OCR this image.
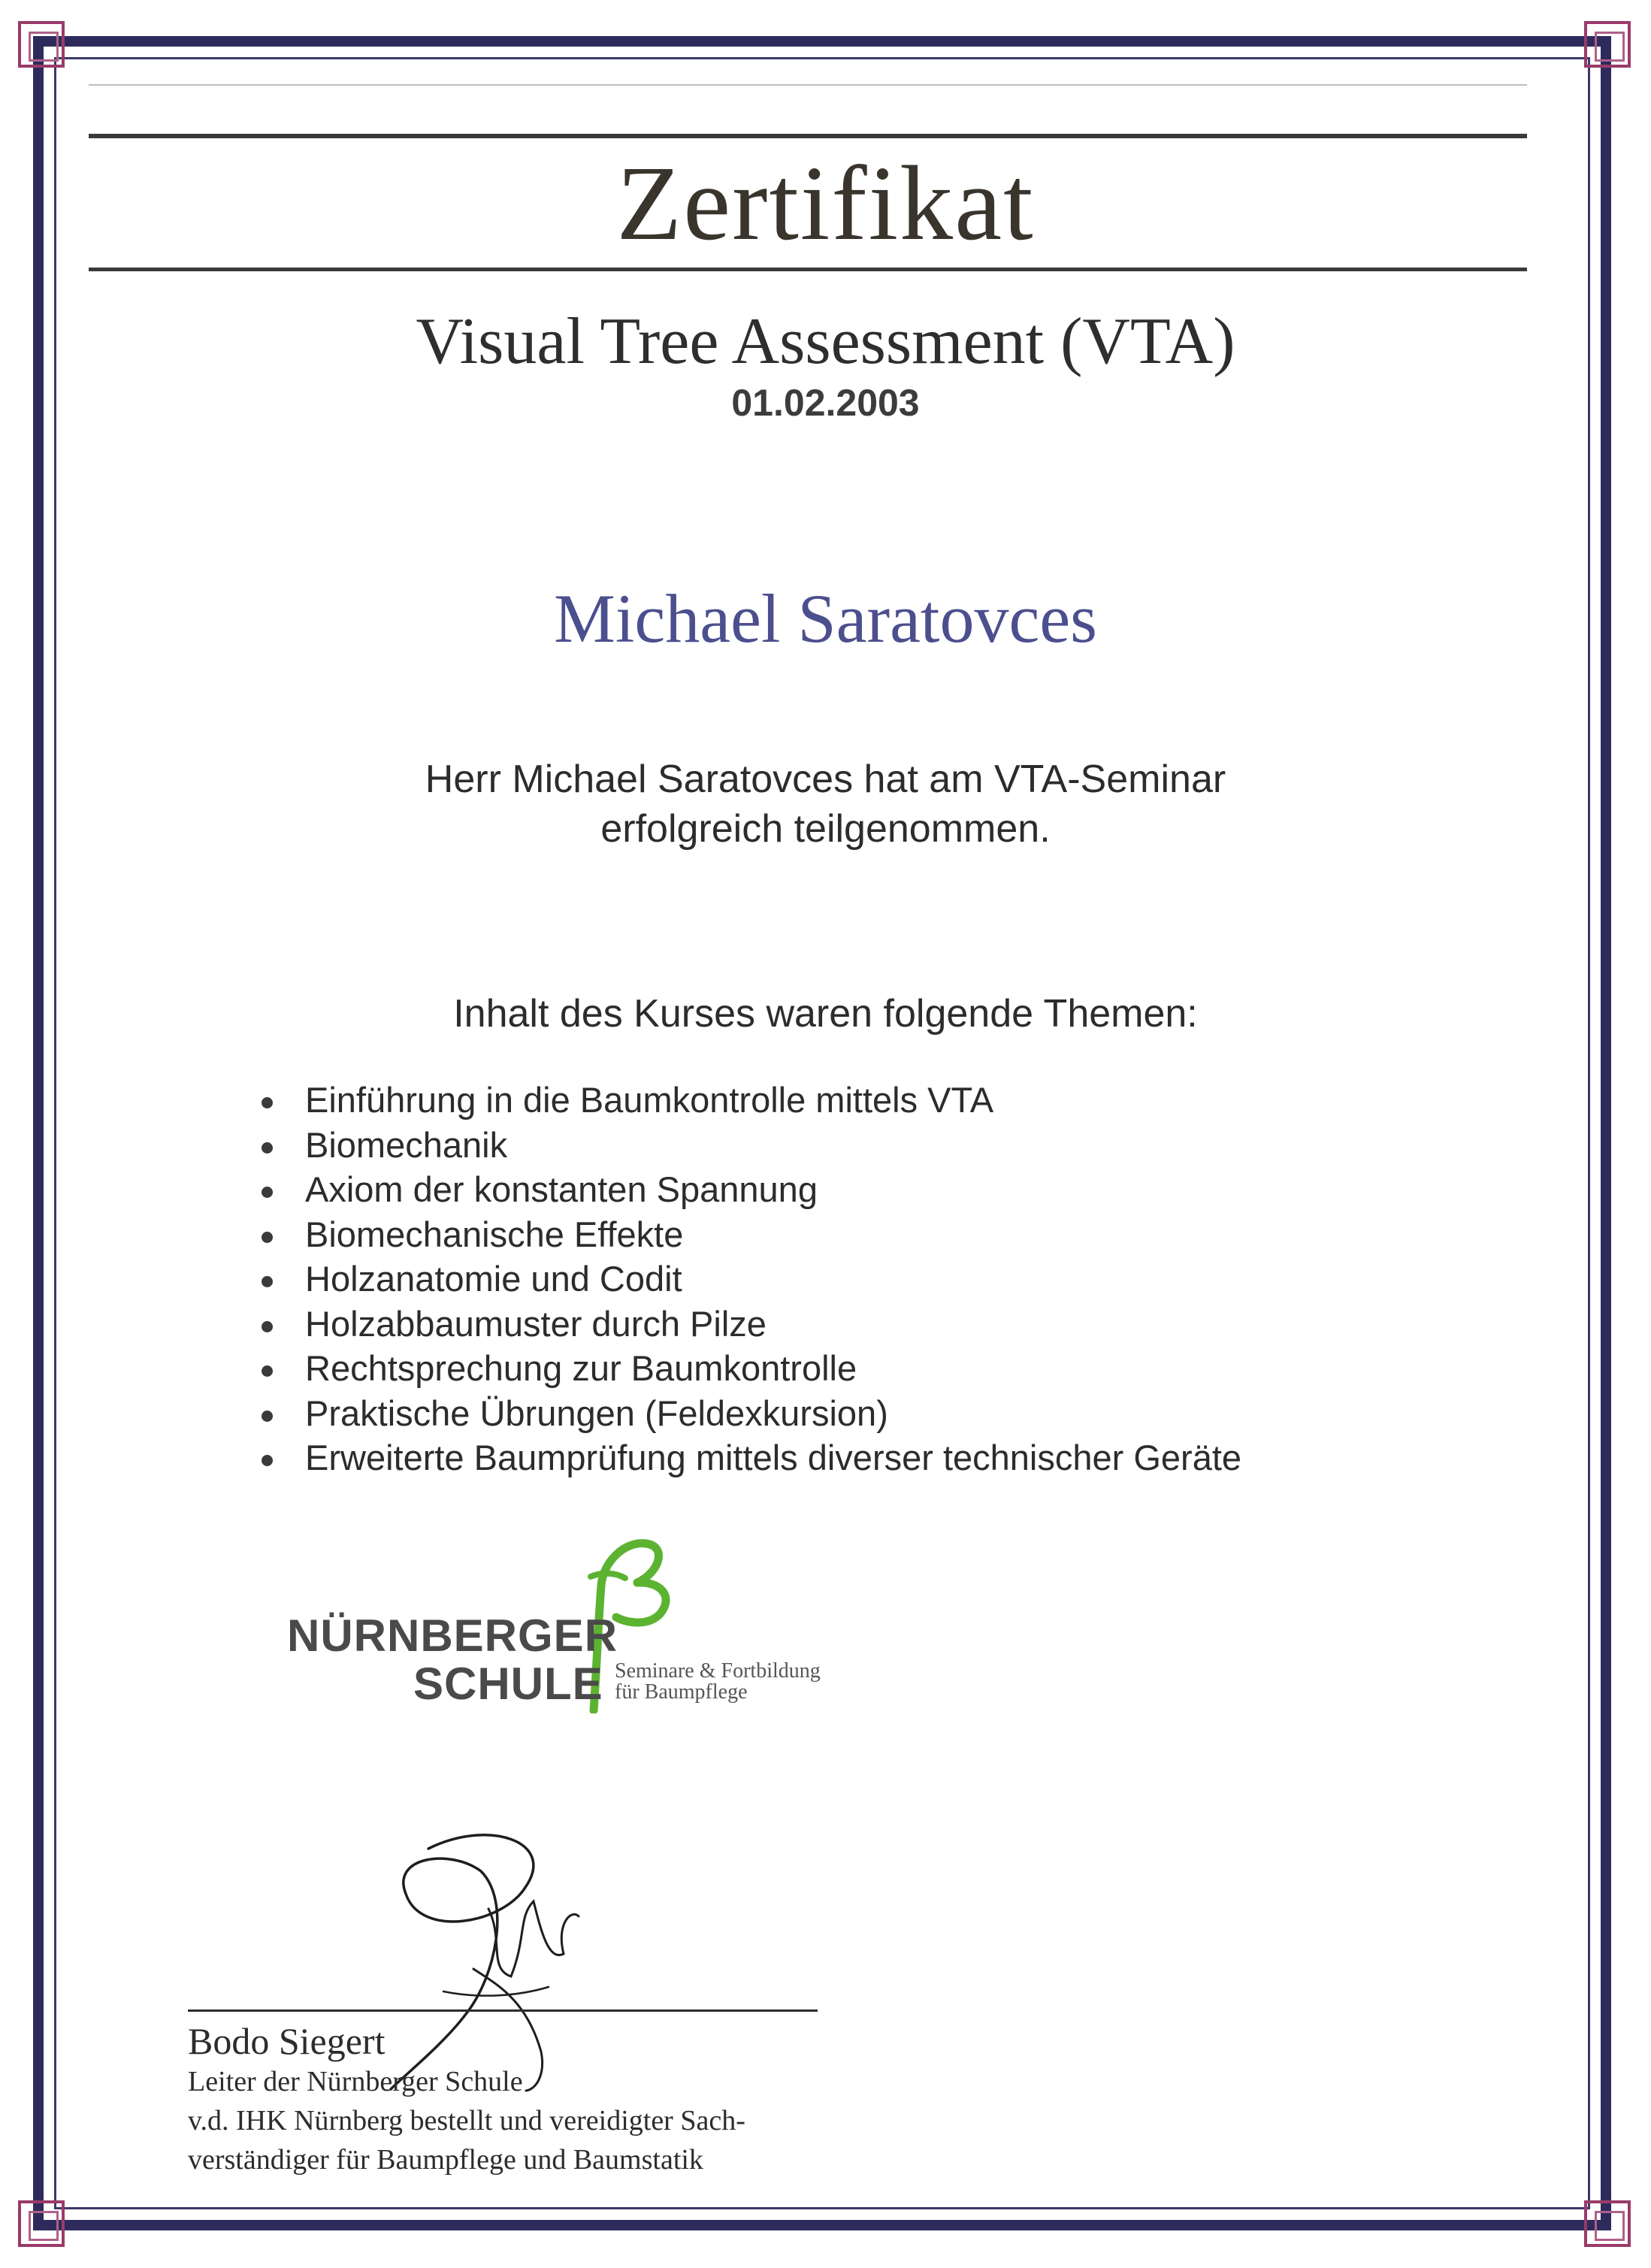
Zertifikat
Visual Tree Assessment (VTA)
01.02.2003
Michael Saratovces
Herr Michael Saratovces hat am VTA-Seminar
erfolgreich teilgenommen.
Inhalt des Kurses waren folgende Themen:
Einführung in die Baumkontrolle mittels VTA
Biomechanik
Axiom der konstanten Spannung
Biomechanische Effekte
Holzanatomie und Codit
Holzabbaumuster durch Pilze
Rechtsprechung zur Baumkontrolle
Praktische Übrungen (Feldexkursion)
Erweiterte Baumprüfung mittels diverser technischer Geräte
NÜRNBERGER
SCHULE Seminare & Fortbildung
für Baumpflege
Bodo Siegert
Leiter der Nürnberger Schule
v.d. IHK Nürnberg bestellt und vereidigter Sach-
verständiger für Baumpflege und Baumstatik
